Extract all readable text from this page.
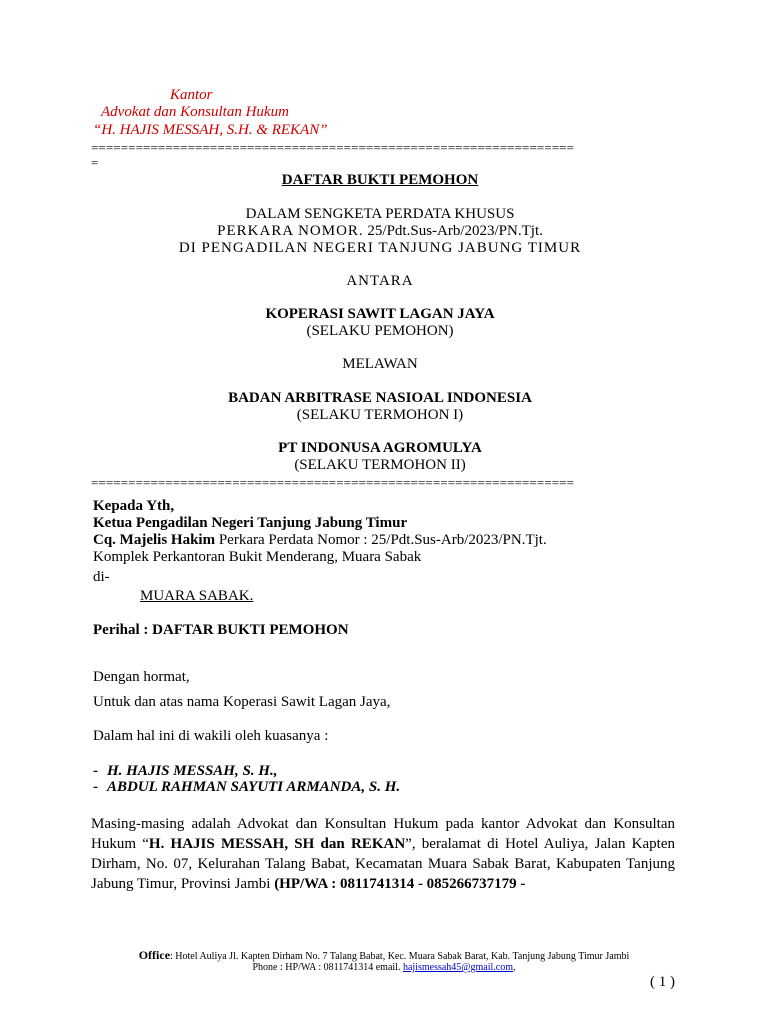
Kantor
Advokat dan Konsultan Hukum
“H. HAJIS MESSAH, S.H. & REKAN”
=================================================================
=
DAFTAR BUKTI PEMOHON
DALAM SENGKETA PERDATA KHUSUS
PERKARA NOMOR. 25/Pdt.Sus-Arb/2023/PN.Tjt.
DI PENGADILAN NEGERI TANJUNG JABUNG TIMUR
ANTARA
KOPERASI SAWIT LAGAN JAYA
(SELAKU PEMOHON)
MELAWAN
BADAN ARBITRASE NASIOAL INDONESIA
(SELAKU TERMOHON I)
PT INDONUSA AGROMULYA
(SELAKU TERMOHON II)
=================================================================
Kepada Yth,
Ketua Pengadilan Negeri Tanjung Jabung Timur
Cq. Majelis Hakim Perkara Perdata Nomor : 25/Pdt.Sus-Arb/2023/PN.Tjt.
Komplek Perkantoran Bukit Menderang, Muara Sabak
di-
MUARA SABAK.
Perihal : DAFTAR BUKTI PEMOHON
Dengan hormat,
Untuk dan atas nama Koperasi Sawit Lagan Jaya,
Dalam hal ini di wakili oleh kuasanya :
- H. HAJIS MESSAH, S. H.,
- ABDUL RAHMAN SAYUTI ARMANDA, S. H.
Masing-masing adalah Advokat dan Konsultan Hukum pada kantor Advokat dan Konsultan Hukum “H. HAJIS MESSAH, SH dan REKAN”, beralamat di Hotel Auliya, Jalan Kapten Dirham, No. 07, Kelurahan Talang Babat, Kecamatan Muara Sabak Barat, Kabupaten Tanjung Jabung Timur, Provinsi Jambi (HP/WA : 0811741314 - 085266737179 -
Office: Hotel Auliya Jl. Kapten Dirham No. 7 Talang Babat, Kec. Muara Sabak Barat, Kab. Tanjung Jabung Timur Jambi
Phone : HP/WA : 0811741314 email. hajismessah45@gmail.com,
( 1 )
